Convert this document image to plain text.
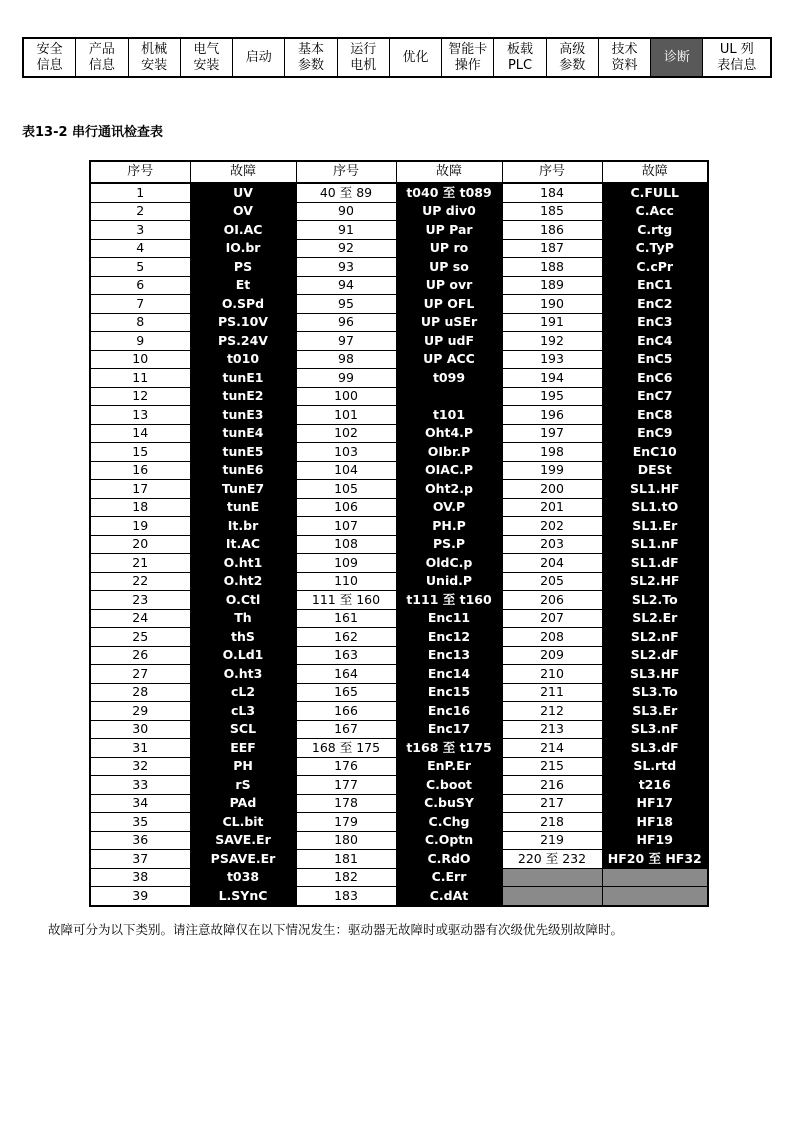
安全
信息
产品
信息
机械
安装
电气
安装
启动
基本
参数
运行
电机
优化
智能卡
操作
板载
PLC
高级
参数
技术
资料
诊断
UL 列
表信息
表13-2 串行通讯检查表
序号	故障	序号	故障	序号	故障
1	UV	40 至 89	t040 至 t089	184	C.FULL
2	OV	90	UP div0	185	C.Acc
3	OI.AC	91	UP Par	186	C.rtg
4	IO.br	92	UP ro	187	C.TyP
5	PS	93	UP so	188	C.cPr
6	Et	94	UP ovr	189	EnC1
7	O.SPd	95	UP OFL	190	EnC2
8	PS.10V	96	UP uSEr	191	EnC3
9	PS.24V	97	UP udF	192	EnC4
10	t010	98	UP ACC	193	EnC5
11	tunE1	99	t099	194	EnC6
12	tunE2	100		195	EnC7
13	tunE3	101	t101	196	EnC8
14	tunE4	102	Oht4.P	197	EnC9
15	tunE5	103	OIbr.P	198	EnC10
16	tunE6	104	OIAC.P	199	DESt
17	TunE7	105	Oht2.p	200	SL1.HF
18	tunE	106	OV.P	201	SL1.tO
19	It.br	107	PH.P	202	SL1.Er
20	It.AC	108	PS.P	203	SL1.nF
21	O.ht1	109	OldC.p	204	SL1.dF
22	O.ht2	110	Unid.P	205	SL2.HF
23	O.Ctl	111 至 160	t111 至 t160	206	SL2.To
24	Th	161	Enc11	207	SL2.Er
25	thS	162	Enc12	208	SL2.nF
26	O.Ld1	163	Enc13	209	SL2.dF
27	O.ht3	164	Enc14	210	SL3.HF
28	cL2	165	Enc15	211	SL3.To
29	cL3	166	Enc16	212	SL3.Er
30	SCL	167	Enc17	213	SL3.nF
31	EEF	168 至 175	t168 至 t175	214	SL3.dF
32	PH	176	EnP.Er	215	SL.rtd
33	rS	177	C.boot	216	t216
34	PAd	178	C.buSY	217	HF17
35	CL.bit	179	C.Chg	218	HF18
36	SAVE.Er	180	C.Optn	219	HF19
37	PSAVE.Er	181	C.RdO	220 至 232	HF20 至 HF32
38	t038	182	C.Err		
39	L.SYnC	183	C.dAt		
故障可分为以下类别。请注意故障仅在以下情况发生：驱动器无故障时或驱动器有次级优先级别故障时。
